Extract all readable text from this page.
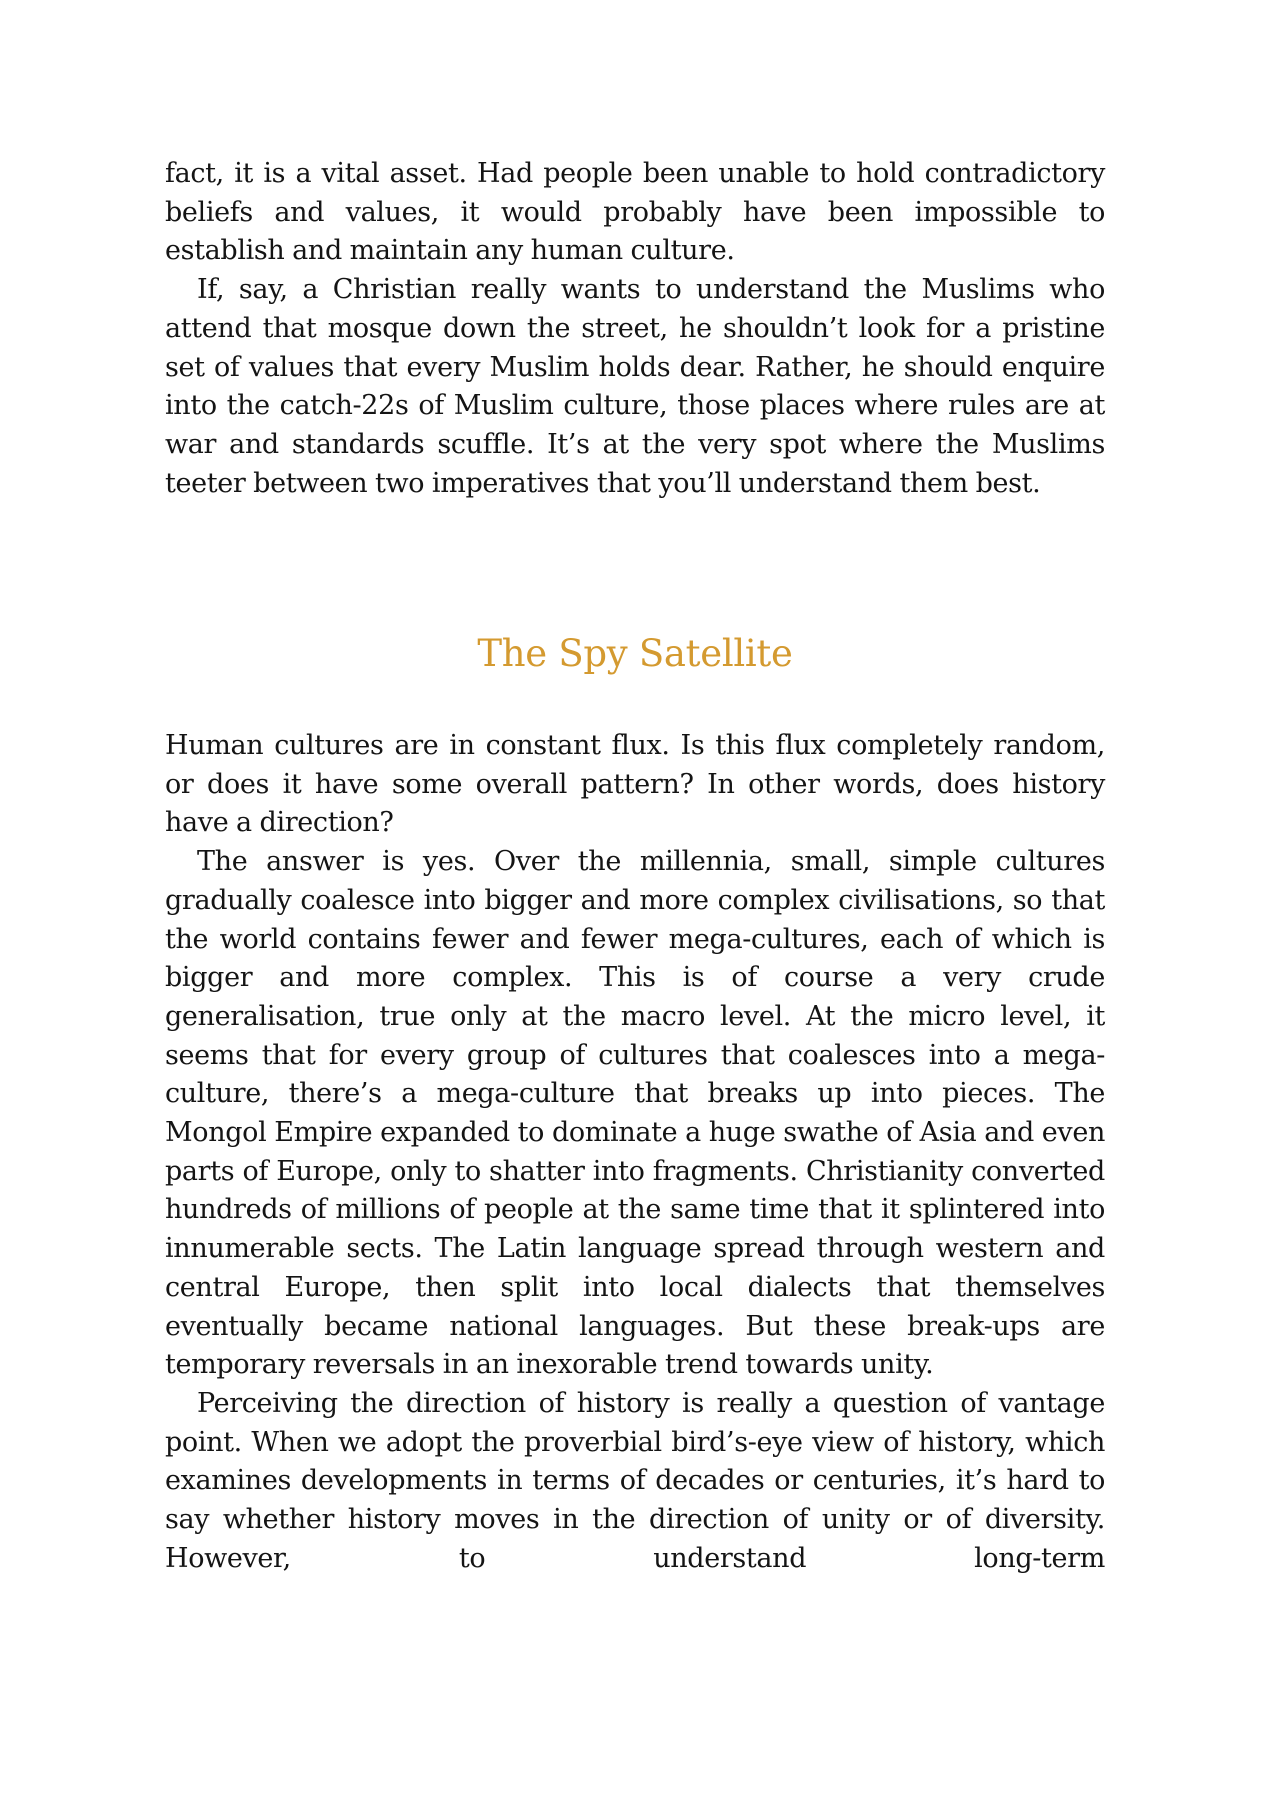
fact, it is a vital asset. Had people been unable to hold contradictory beliefs and values, it would probably have been impossible to establish and maintain any human culture.

If, say, a Christian really wants to understand the Muslims who attend that mosque down the street, he shouldn’t look for a pristine set of values that every Muslim holds dear. Rather, he should enquire into the catch-22s of Muslim culture, those places where rules are at war and standards scuffle. It’s at the very spot where the Muslims teeter between two imperatives that you’ll understand them best.

The Spy Satellite

Human cultures are in constant flux. Is this flux completely random, or does it have some overall pattern? In other words, does history have a direction?

The answer is yes. Over the millennia, small, simple cultures gradually coalesce into bigger and more complex civilisations, so that the world contains fewer and fewer mega-cultures, each of which is bigger and more complex. This is of course a very crude generalisation, true only at the macro level. At the micro level, it seems that for every group of cultures that coalesces into a mega-culture, there’s a mega-culture that breaks up into pieces. The Mongol Empire expanded to dominate a huge swathe of Asia and even parts of Europe, only to shatter into fragments. Christianity converted hundreds of millions of people at the same time that it splintered into innumerable sects. The Latin language spread through western and central Europe, then split into local dialects that themselves eventually became national languages. But these break-ups are temporary reversals in an inexorable trend towards unity.

Perceiving the direction of history is really a question of vantage point. When we adopt the proverbial bird’s-eye view of history, which examines developments in terms of decades or centuries, it’s hard to say whether history moves in the direction of unity or of diversity. However, to understand long-term
